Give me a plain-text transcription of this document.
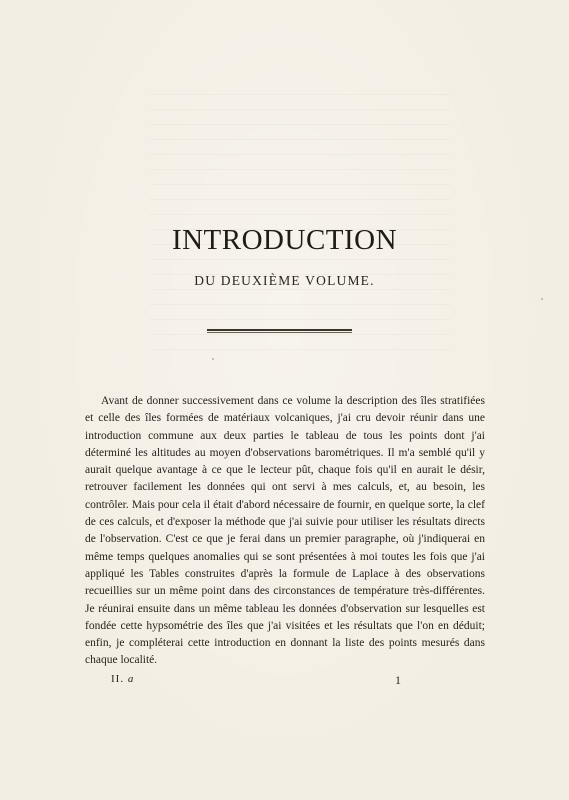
INTRODUCTION
DU DEUXIÈME VOLUME.

Avant de donner successivement dans ce volume la description des îles stratifiées et celle des îles formées de matériaux volcaniques, j'ai cru devoir réunir dans une introduction commune aux deux parties le tableau de tous les points dont j'ai déterminé les altitudes au moyen d'observations barométriques. Il m'a semblé qu'il y aurait quelque avantage à ce que le lecteur pût, chaque fois qu'il en aurait le désir, retrouver facilement les données qui ont servi à mes calculs, et, au besoin, les contrôler. Mais pour cela il était d'abord nécessaire de fournir, en quelque sorte, la clef de ces calculs, et d'exposer la méthode que j'ai suivie pour utiliser les résultats directs de l'observation. C'est ce que je ferai dans un premier paragraphe, où j'indiquerai en même temps quelques anomalies qui se sont présentées à moi toutes les fois que j'ai appliqué les Tables construites d'après la formule de Laplace à des observations recueillies sur un même point dans des circonstances de température très-différentes. Je réunirai ensuite dans un même tableau les données d'observation sur lesquelles est fondée cette hypsométrie des îles que j'ai visitées et les résultats que l'on en déduit; enfin, je compléterai cette introduction en donnant la liste des points mesurés dans chaque localité.

II. a	1
